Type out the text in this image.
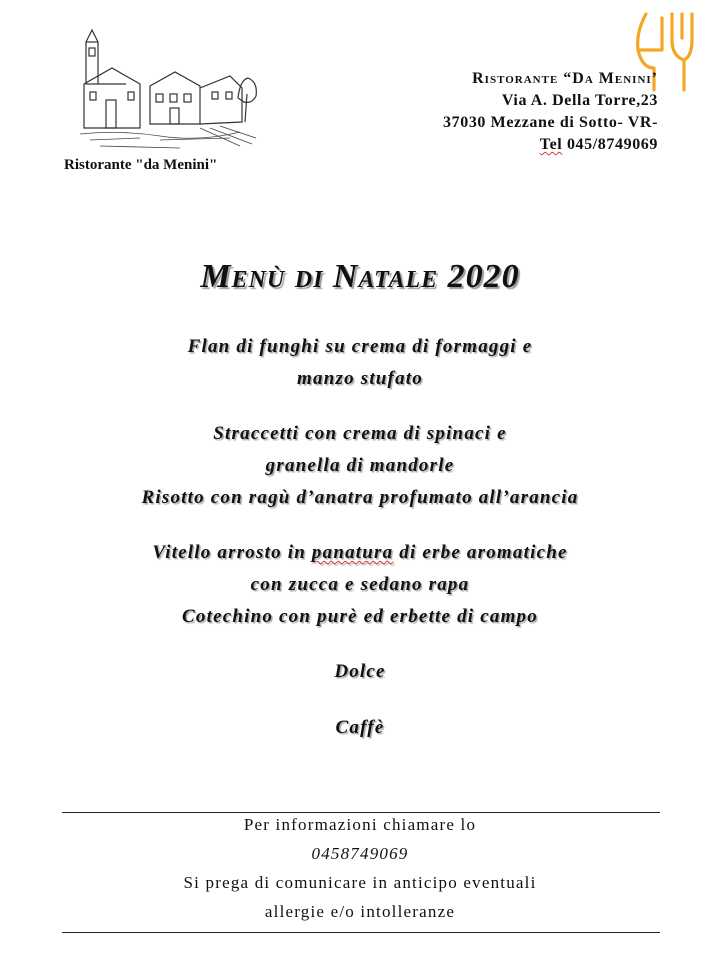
Ristorante "da Menini"
Ristorante “Da Menini’
Via A. Della Torre,23
37030 Mezzane di Sotto- VR-
Tel 045/8749069
Menù di Natale 2020
Flan di funghi su crema di formaggi e
manzo stufato
Straccetti con crema di spinaci e
granella di mandorle
Risotto con ragù d’anatra profumato all’arancia
Vitello arrosto in panatura di erbe aromatiche
con zucca e sedano rapa
Cotechino con purè ed erbette di campo
Dolce
Caffè
Per informazioni chiamare lo
0458749069
Si prega di comunicare in anticipo eventuali
allergie e/o intolleranze
